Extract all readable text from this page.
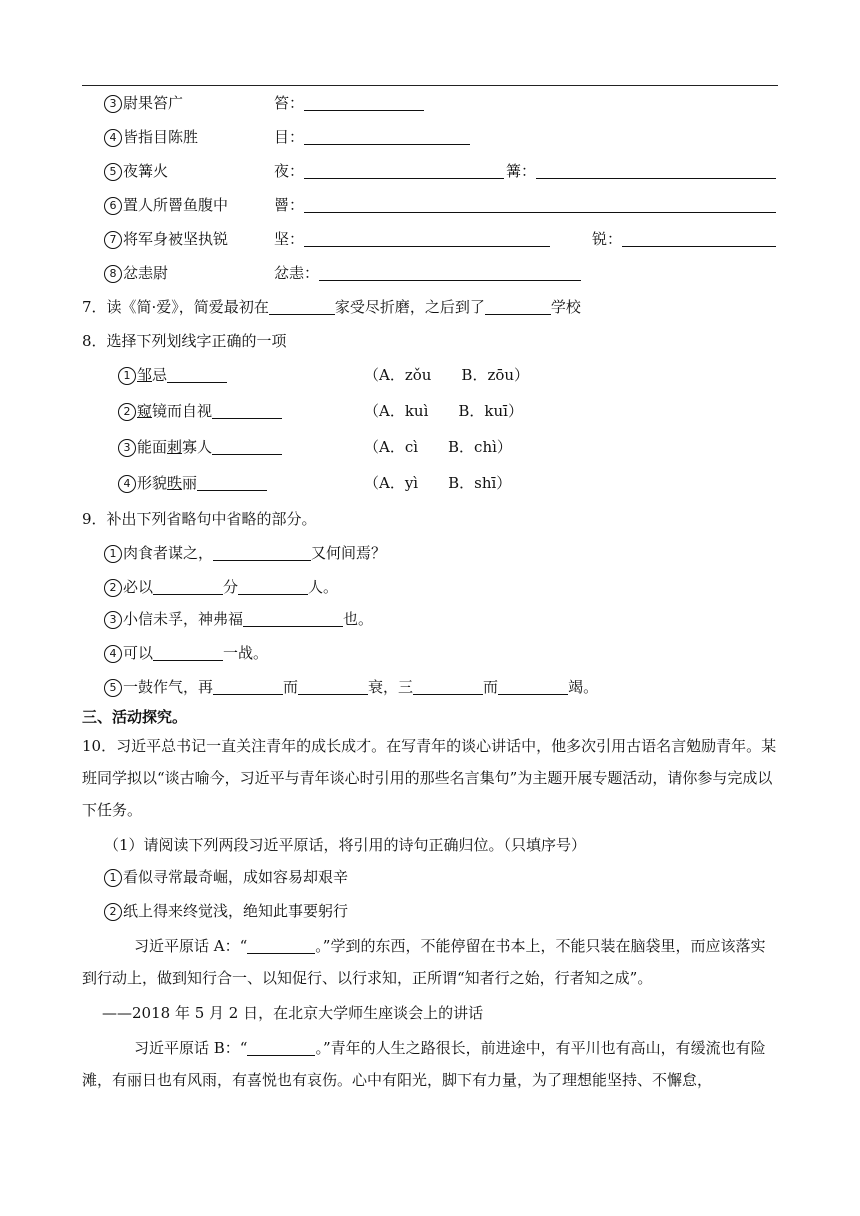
3 尉果笞广	笞：
4 皆指目陈胜	目：
5 夜篝火	夜：	篝：
6 置人所罾鱼腹中	罾：
7 将军身被坚执锐	坚：	锐：
8 忿恚尉	忿恚：
7．读《简·爱》，简爱最初在	家受尽折磨，之后到了	学校
8．选择下列划线字正确的一项
1 邹忌	（A．zǒu　　B．zōu）
2 窥镜而自视	（A．kuì　　B．kuī）
3 能面刺寡人	（A．cì　　B．chì）
4 形貌昳丽	（A．yì　　B．shī）
9．补出下列省略句中省略的部分。
1 肉食者谋之，	又何间焉？
2 必以	分	人。
3 小信未孚，神弗福	也。
4 可以	一战。
5 一鼓作气，再	而	衰，三	而	竭。
三、活动探究。
10．习近平总书记一直关注青年的成长成才。在写青年的谈心讲话中，他多次引用古语名言勉励青年。某班同学拟以“谈古喻今，习近平与青年谈心时引用的那些名言集句”为主题开展专题活动，请你参与完成以下任务。
（1）请阅读下列两段习近平原话，将引用的诗句正确归位。（只填序号）
1 看似寻常最奇崛，成如容易却艰辛
2 纸上得来终觉浅，绝知此事要躬行
习近平原话 A：“	。”学到的东西，不能停留在书本上，不能只装在脑袋里，而应该落实到行动上，做到知行合一、以知促行、以行求知，正所谓“知者行之始，行者知之成”。
——2018 年 5 月 2 日，在北京大学师生座谈会上的讲话
习近平原话 B：“	。”青年的人生之路很长，前进途中，有平川也有高山，有缓流也有险滩，有丽日也有风雨，有喜悦也有哀伤。心中有阳光，脚下有力量，为了理想能坚持、不懈怠，
